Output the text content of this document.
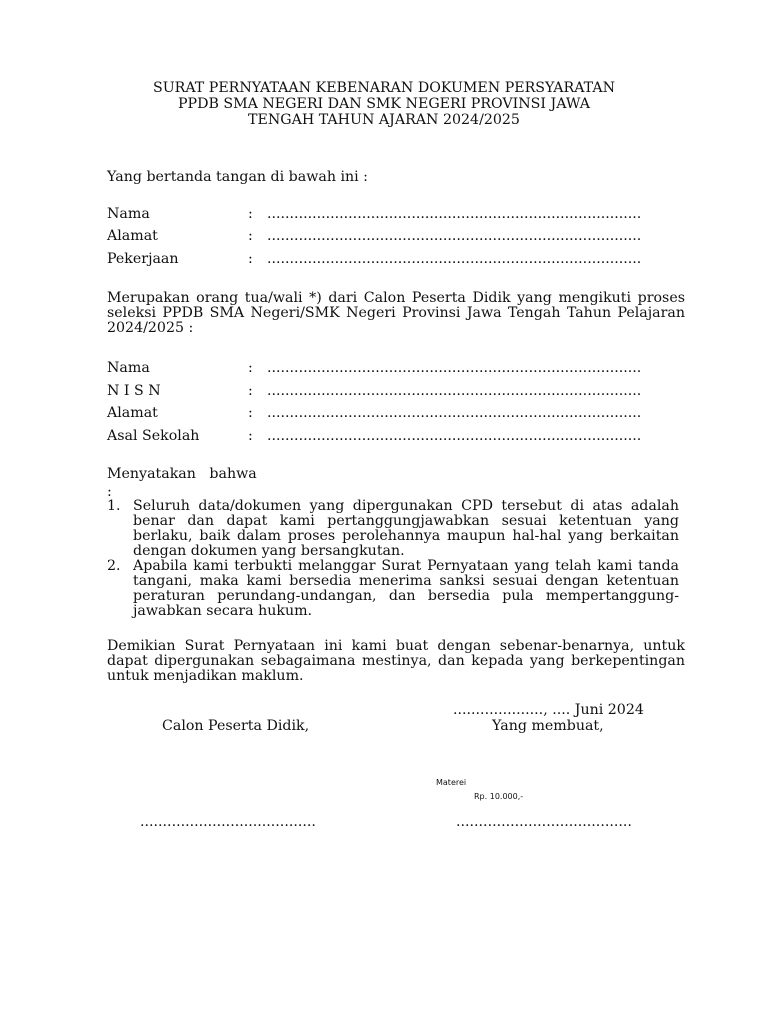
SURAT PERNYATAAN KEBENARAN DOKUMEN PERSYARATAN
PPDB SMA NEGERI DAN SMK NEGERI PROVINSI JAWA
TENGAH TAHUN AJARAN 2024/2025
Yang bertanda tangan di bawah ini :
Nama	: ...................................................................................
Alamat	: ...................................................................................
Pekerjaan	: ...................................................................................
Merupakan orang tua/wali *) dari Calon Peserta Didik yang mengikuti proses seleksi PPDB SMA Negeri/SMK Negeri Provinsi Jawa Tengah Tahun Pelajaran 2024/2025 :
Nama	: ...................................................................................
N I S N	: ...................................................................................
Alamat	: ...................................................................................
Asal Sekolah	: ...................................................................................
Menyatakan   bahwa
:
1. Seluruh data/dokumen yang dipergunakan CPD tersebut di atas adalah benar dan dapat kami pertanggungjawabkan sesuai ketentuan yang berlaku, baik dalam proses perolehannya maupun hal-hal yang berkaitan dengan dokumen yang bersangkutan.
2. Apabila kami terbukti melanggar Surat Pernyataan yang telah kami tanda tangani, maka kami bersedia menerima sanksi sesuai dengan ketentuan peraturan perundang-undangan, dan bersedia pula mempertanggung-jawabkan secara hukum.
Demikian Surat Pernyataan ini kami buat dengan sebenar-benarnya, untuk dapat dipergunakan sebagaimana mestinya, dan kepada yang berkepentingan untuk menjadikan maklum.
...................., .... Juni 2024
Calon Peserta Didik,	Yang membuat,
Materei
Rp. 10.000,-
.......................................	.......................................
